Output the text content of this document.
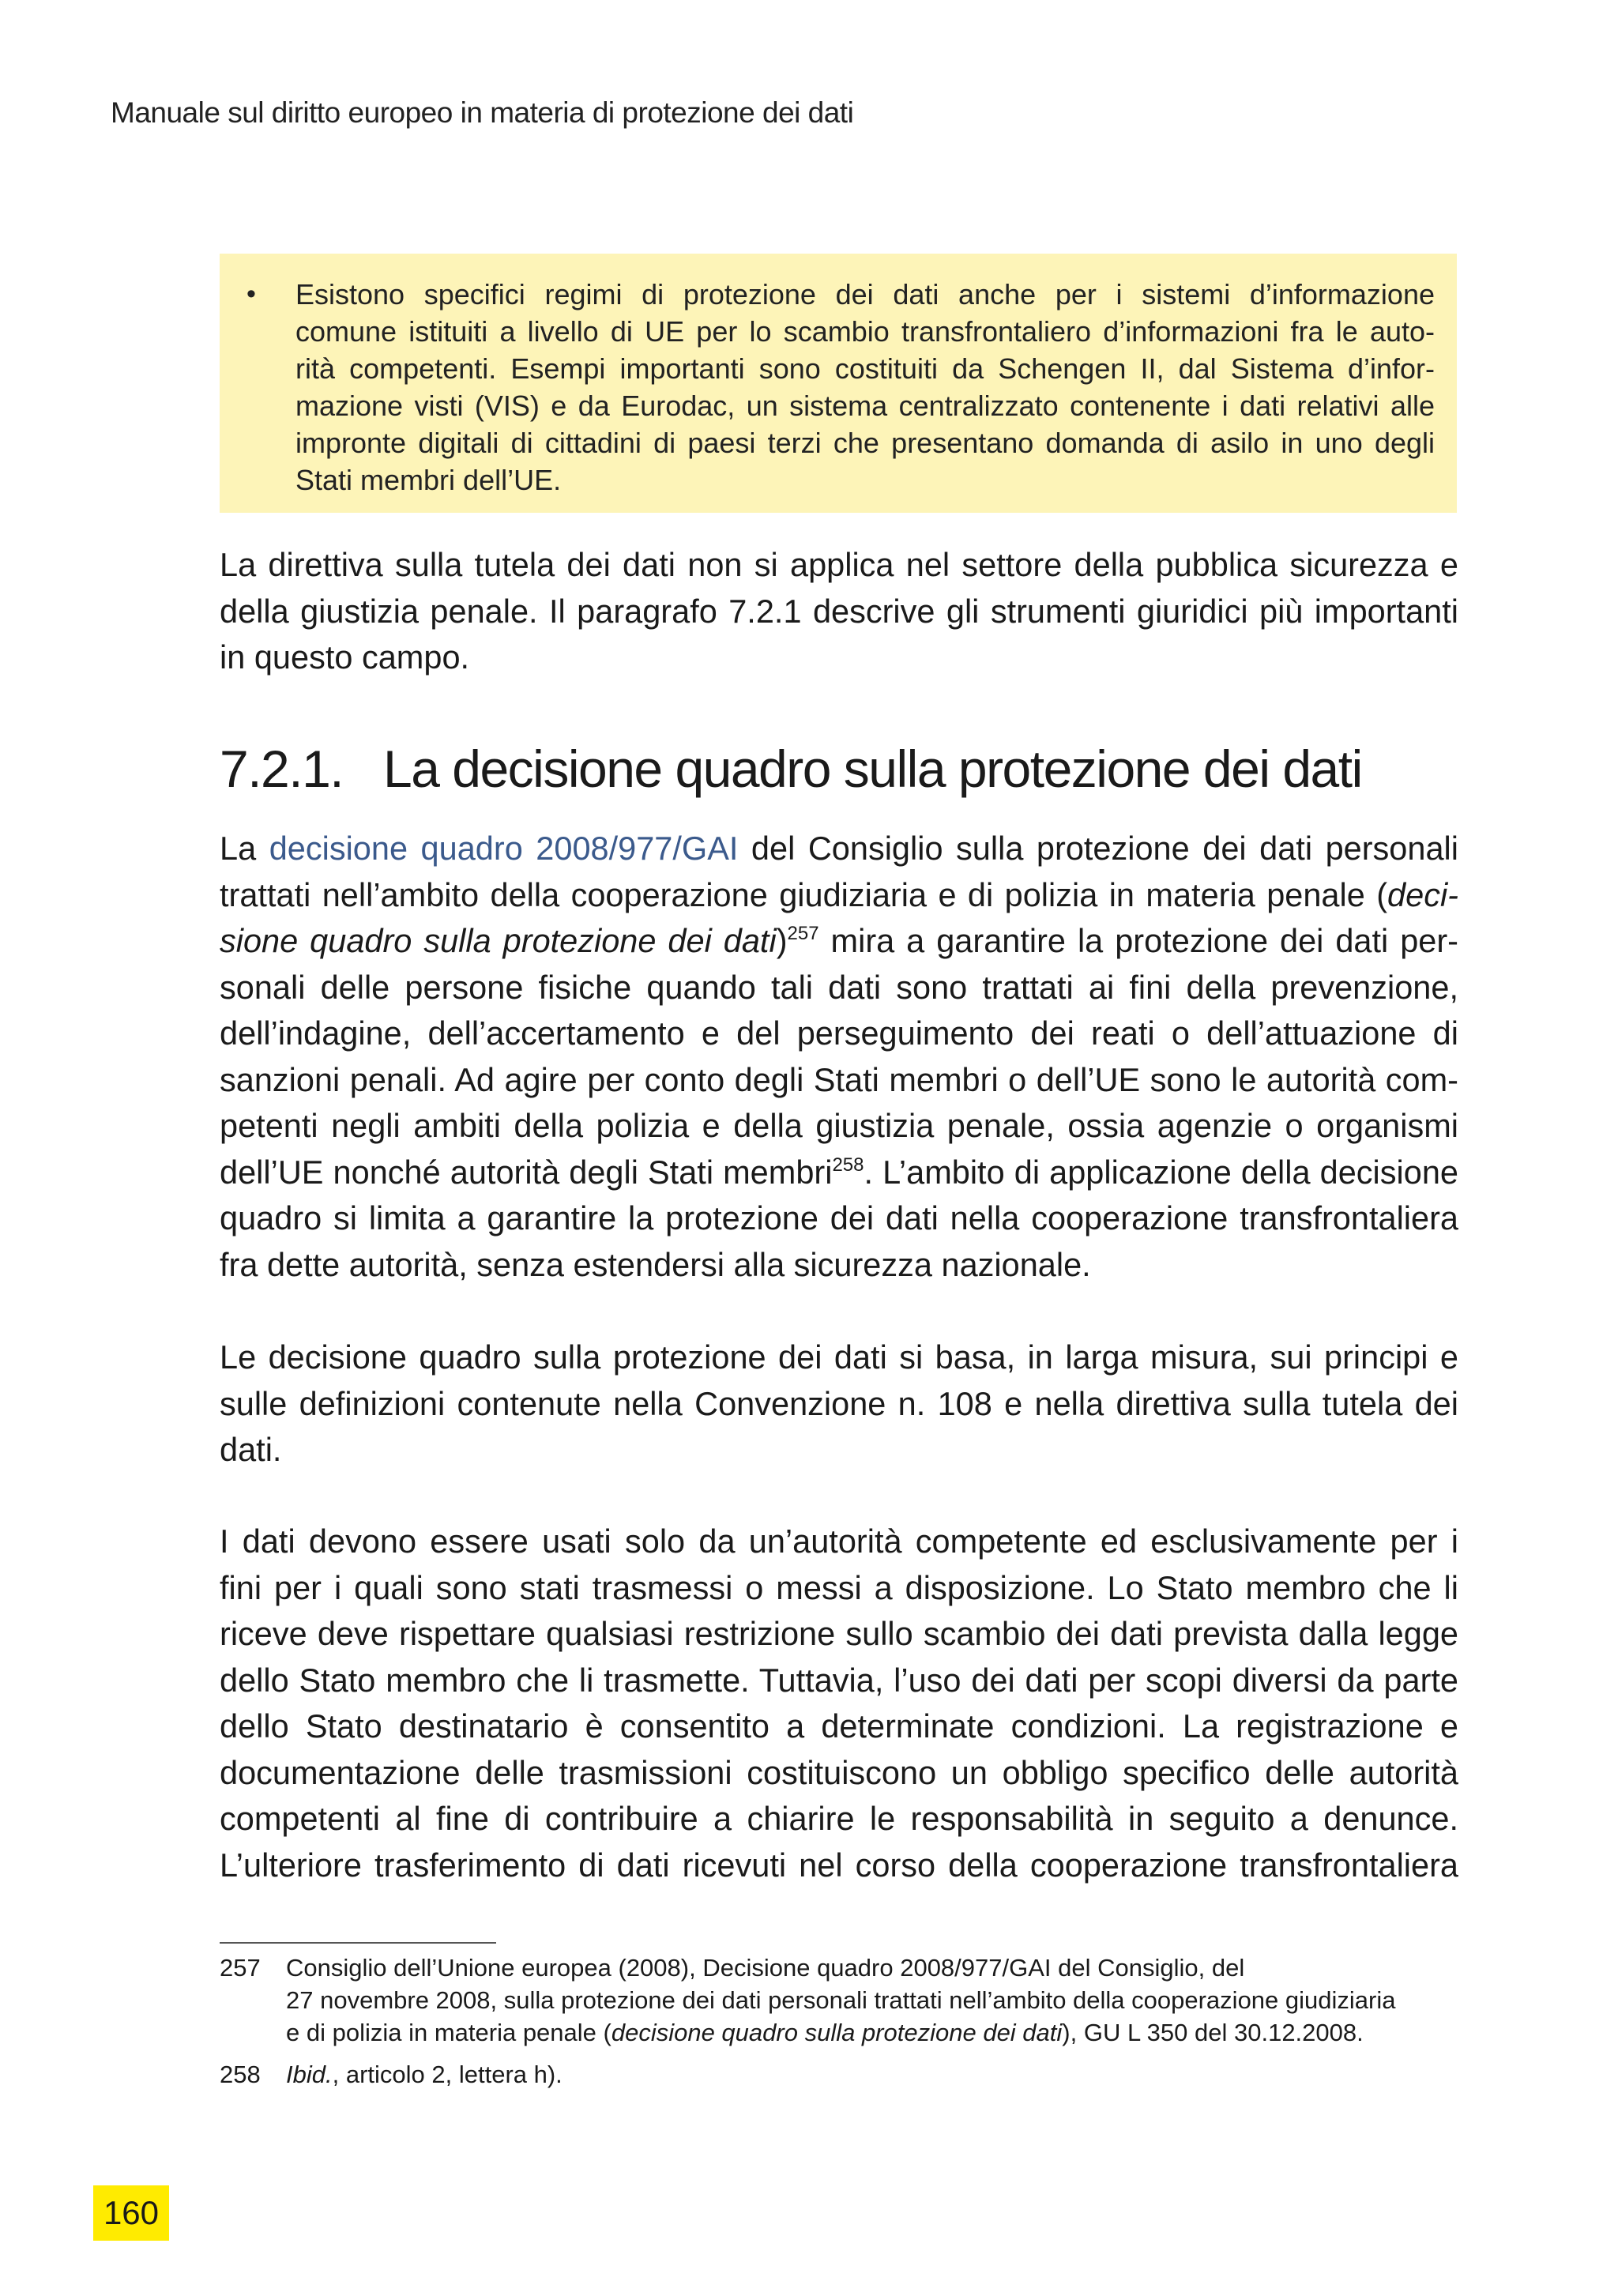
Manuale sul diritto europeo in materia di protezione dei dati
• Esistono specifici regimi di protezione dei dati anche per i sistemi d’informazione
comune istituiti a livello di UE per lo scambio transfrontaliero d’informazioni fra le auto-
rità competenti. Esempi importanti sono costituiti da Schengen II, dal Sistema d’infor-
mazione visti (VIS) e da Eurodac, un sistema centralizzato contenente i dati relativi alle
impronte digitali di cittadini di paesi terzi che presentano domanda di asilo in uno degli
Stati membri dell’UE.
La direttiva sulla tutela dei dati non si applica nel settore della pubblica sicurezza e
della giustizia penale. Il paragrafo 7.2.1 descrive gli strumenti giuridici più importanti
in questo campo.
7.2.1. La decisione quadro sulla protezione dei dati
La decisione quadro 2008/977/GAI del Consiglio sulla protezione dei dati personali
trattati nell’ambito della cooperazione giudiziaria e di polizia in materia penale (deci-
sione quadro sulla protezione dei dati)$^{257}$ mira a garantire la protezione dei dati per-
sonali delle persone fisiche quando tali dati sono trattati ai fini della prevenzione,
dell’indagine, dell’accertamento e del perseguimento dei reati o dell’attuazione di
sanzioni penali. Ad agire per conto degli Stati membri o dell’UE sono le autorità com-
petenti negli ambiti della polizia e della giustizia penale, ossia agenzie o organismi
dell’UE nonché autorità degli Stati membri$^{258}$. L’ambito di applicazione della decisione
quadro si limita a garantire la protezione dei dati nella cooperazione transfrontaliera
fra dette autorità, senza estendersi alla sicurezza nazionale.
Le decisione quadro sulla protezione dei dati si basa, in larga misura, sui principi e
sulle definizioni contenute nella Convenzione n. 108 e nella direttiva sulla tutela dei
dati.
I dati devono essere usati solo da un’autorità competente ed esclusivamente per i
fini per i quali sono stati trasmessi o messi a disposizione. Lo Stato membro che li
riceve deve rispettare qualsiasi restrizione sullo scambio dei dati prevista dalla legge
dello Stato membro che li trasmette. Tuttavia, l’uso dei dati per scopi diversi da parte
dello Stato destinatario è consentito a determinate condizioni. La registrazione e
documentazione delle trasmissioni costituiscono un obbligo specifico delle autorità
competenti al fine di contribuire a chiarire le responsabilità in seguito a denunce.
L’ulteriore trasferimento di dati ricevuti nel corso della cooperazione transfrontaliera
257 Consiglio dell’Unione europea (2008), Decisione quadro 2008/977/GAI del Consiglio, del
27 novembre 2008, sulla protezione dei dati personali trattati nell’ambito della cooperazione giudiziaria
e di polizia in materia penale (decisione quadro sulla protezione dei dati), GU L 350 del 30.12.2008.
258 Ibid., articolo 2, lettera h).
160
